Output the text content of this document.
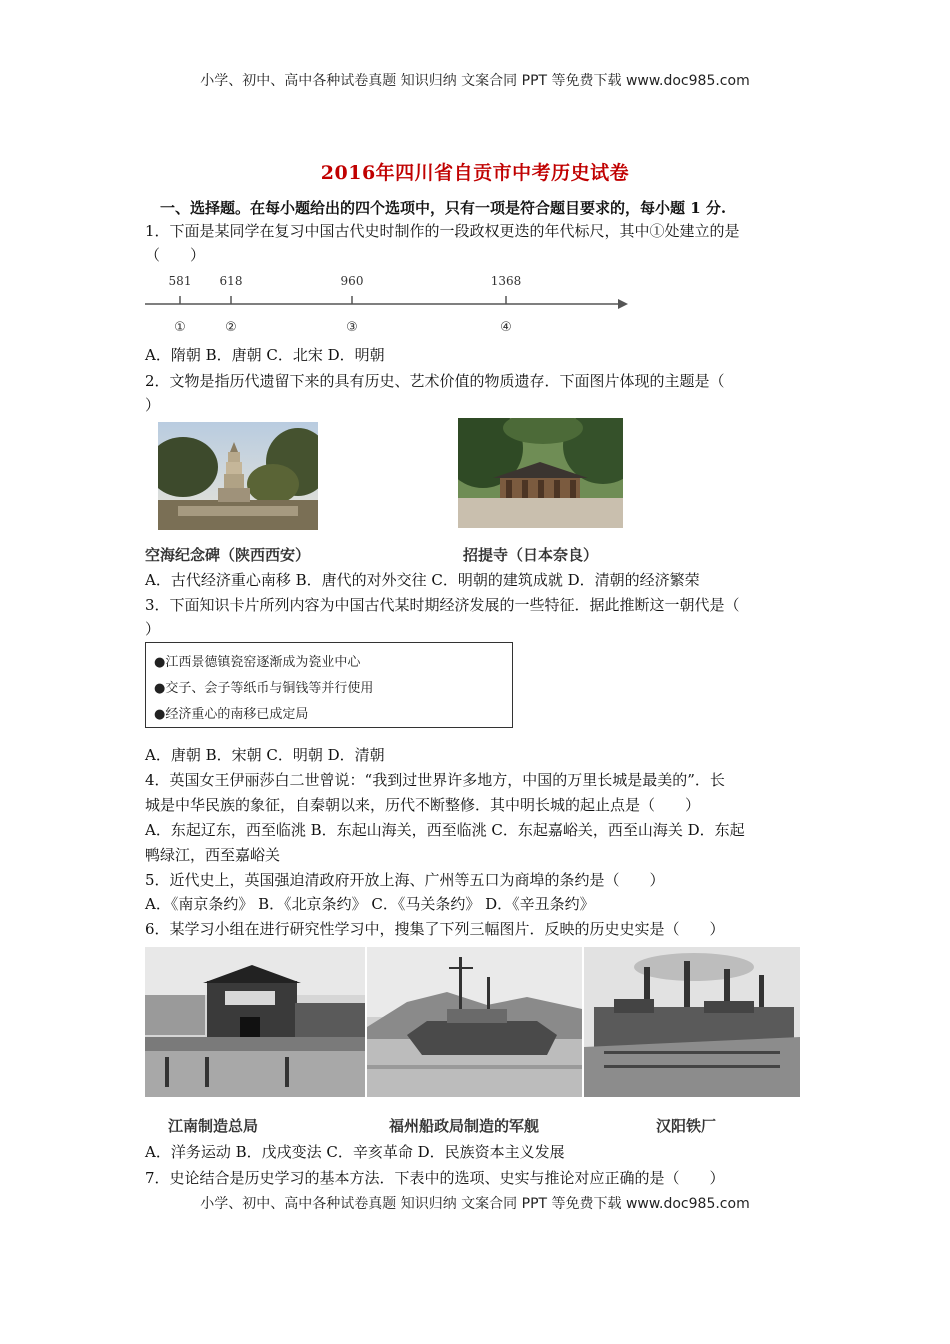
小学、初中、高中各种试卷真题 知识归纳 文案合同 PPT 等免费下载 www.doc985.com
2016年四川省自贡市中考历史试卷
一、选择题。在每小题给出的四个选项中，只有一项是符合题目要求的，每小题 1 分.
1．下面是某同学在复习中国古代史时制作的一段政权更迭的年代标尺，其中①处建立的是
（　　）
581 618	960	1368
①	②	③	④
A．隋朝 B．唐朝 C．北宋 D．明朝
2．文物是指历代遗留下来的具有历史、艺术价值的物质遗存．下面图片体现的主题是（
）
空海纪念碑（陕西西安）	招提寺（日本奈良）
A．古代经济重心南移 B．唐代的对外交往 C．明朝的建筑成就 D．清朝的经济繁荣
3．下面知识卡片所列内容为中国古代某时期经济发展的一些特征．据此推断这一朝代是（
）
●江西景德镇瓷窑逐渐成为瓷业中心
●交子、会子等纸币与铜钱等并行使用
●经济重心的南移已成定局
A．唐朝 B．宋朝 C．明朝 D．清朝
4．英国女王伊丽莎白二世曾说：“我到过世界许多地方，中国的万里长城是最美的”．长
城是中华民族的象征，自秦朝以来，历代不断整修．其中明长城的起止点是（　　）
A．东起辽东，西至临洮 B．东起山海关，西至临洮 C．东起嘉峪关，西至山海关 D．东起
鸭绿江，西至嘉峪关
5．近代史上，英国强迫清政府开放上海、广州等五口为商埠的条约是（　　）
A．《南京条约》 B．《北京条约》 C．《马关条约》 D．《辛丑条约》
6．某学习小组在进行研究性学习中，搜集了下列三幅图片．反映的历史史实是（　　）
江南制造总局	福州船政局制造的军舰	汉阳铁厂
A．洋务运动 B．戊戌变法 C．辛亥革命 D．民族资本主义发展
7．史论结合是历史学习的基本方法．下表中的选项、史实与推论对应正确的是（　　）
小学、初中、高中各种试卷真题 知识归纳 文案合同 PPT 等免费下载 www.doc985.com
